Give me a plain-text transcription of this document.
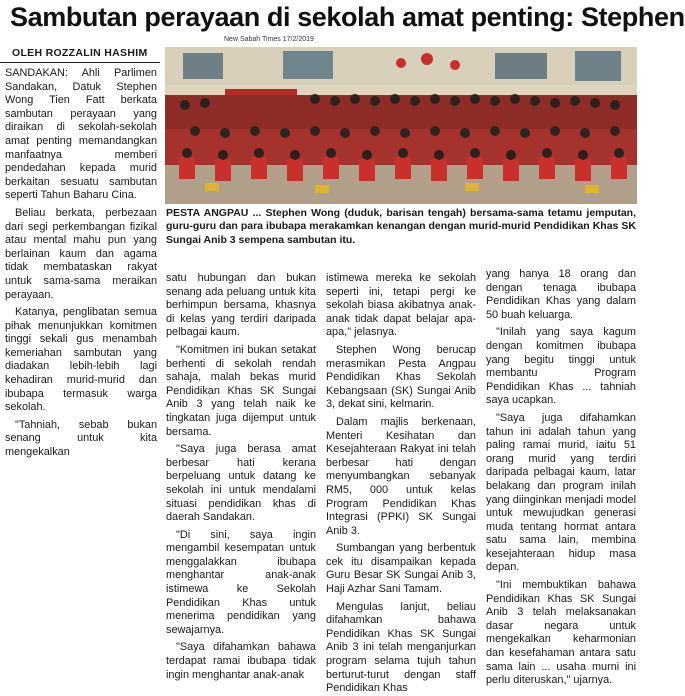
Sambutan perayaan di sekolah amat penting: Stephen
New Sabah Times 17/2/2019
OLEH ROZZALIN HASHIM
PESTA ANGPAU ... Stephen Wong (duduk, barisan tengah) bersama-sama tetamu jemputan, guru-guru dan para ibubapa merakamkan kenangan dengan murid-murid Pendidikan Khas SK Sungai Anib 3 sempena sambutan itu.

SANDAKAN: Ahli Parlimen Sandakan, Datuk Stephen Wong Tien Fatt berkata sambutan perayaan yang diraikan di sekolah-sekolah amat penting memandangkan manfaatnya memberi pendedahan kepada murid berkaitan sesuatu sambutan seperti Tahun Baharu Cina.

Beliau berkata, perbezaan dari segi perkembangan fizikal atau mental mahu pun yang berlainan kaum dan agama tidak membataskan rakyat untuk sama-sama meraikan perayaan.

Katanya, penglibatan semua pihak menunjukkan komitmen tinggi sekali gus menambah kemeriahan sambutan yang diadakan lebih-lebih lagi kehadiran murid-murid dan ibubapa termasuk warga sekolah.

"Tahniah, sebab bukan senang untuk kita mengekalkan

satu hubungan dan bukan senang ada peluang untuk kita berhimpun bersama, khasnya di kelas yang terdiri daripada pelbagai kaum.

"Komitmen ini bukan setakat berhenti di sekolah rendah sahaja, malah bekas murid Pendidikan Khas SK Sungai Anib 3 yang telah naik ke tingkatan juga dijemput untuk bersama.

"Saya juga berasa amat berbesar hati kerana berpeluang untuk datang ke sekolah ini untuk mendalami situasi pendidikan khas di daerah Sandakan.

"Di sini, saya ingin mengambil kesempatan untuk menggalakkan ibubapa menghantar anak-anak istimewa ke Sekolah Pendidikan Khas untuk menerima pendidikan yang sewajarnya.

"Saya difahamkan bahawa terdapat ramai ibubapa tidak ingin menghantar anak-anak

istimewa mereka ke sekolah seperti ini, tetapi pergi ke sekolah biasa akibatnya anak-anak tidak dapat belajar apa-apa," jelasnya.

Stephen Wong berucap merasmikan Pesta Angpau Pendidikan Khas Sekolah Kebangsaan (SK) Sungai Anib 3, dekat sini, kelmarin.

Dalam majlis berkenaan, Menteri Kesihatan dan Kesejahteraan Rakyat ini telah berbesar hati dengan menyumbangkan sebanyak RM5, 000 untuk kelas Program Pendidikan Khas Integrasi (PPKI) SK Sungai Anib 3.

Sumbangan yang berbentuk cek itu disampaikan kepada Guru Besar SK Sungai Anib 3, Haji Azhar Sani Tamam.

Mengulas lanjut, beliau difahamkan bahawa Pendidikan Khas SK Sungai Anib 3 ini telah menganjurkan program selama tujuh tahun berturut-turut dengan staff Pendidikan Khas

yang hanya 18 orang dan dengan tenaga ibubapa Pendidikan Khas yang dalam 50 buah keluarga.

"Inilah yang saya kagum dengan komitmen ibubapa yang begitu tinggi untuk membantu Program Pendidikan Khas ... tahniah saya ucapkan.

"Saya juga difahamkan tahun ini adalah tahun yang paling ramai murid, iaitu 51 orang murid yang terdiri daripada pelbagai kaum, latar belakang dan program inilah yang diinginkan menjadi model untuk mewujudkan generasi muda tentang hormat antara satu sama lain, membina kesejahteraan hidup masa depan.

"Ini membuktikan bahawa Pendidikan Khas SK Sungai Anib 3 telah melaksanakan dasar negara untuk mengekalkan keharmonian dan kesefahaman antara satu sama lain ... usaha murni ini perlu diteruskan," ujarnya.
